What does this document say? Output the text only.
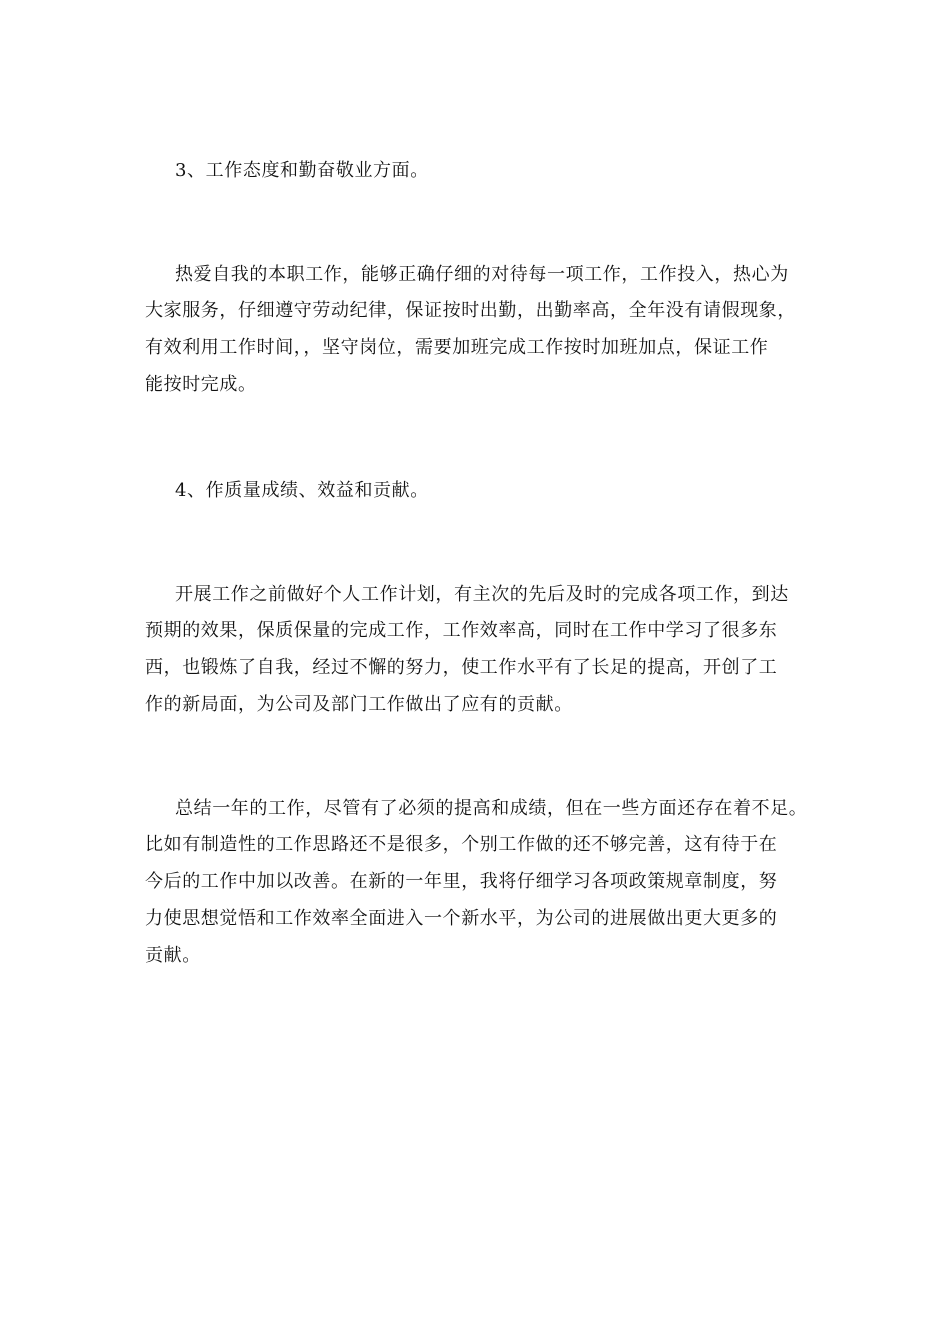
3、工作态度和勤奋敬业方面。
热爱自我的本职工作，能够正确仔细的对待每一项工作，工作投入，热心为
大家服务，仔细遵守劳动纪律，保证按时出勤，出勤率高，全年没有请假现象，
有效利用工作时间，，坚守岗位，需要加班完成工作按时加班加点，保证工作
能按时完成。
4、作质量成绩、效益和贡献。
开展工作之前做好个人工作计划，有主次的先后及时的完成各项工作，到达
预期的效果，保质保量的完成工作，工作效率高，同时在工作中学习了很多东
西，也锻炼了自我，经过不懈的努力，使工作水平有了长足的提高，开创了工
作的新局面，为公司及部门工作做出了应有的贡献。
总结一年的工作，尽管有了必须的提高和成绩，但在一些方面还存在着不足。
比如有制造性的工作思路还不是很多，个别工作做的还不够完善，这有待于在
今后的工作中加以改善。在新的一年里，我将仔细学习各项政策规章制度，努
力使思想觉悟和工作效率全面进入一个新水平，为公司的进展做出更大更多的
贡献。
